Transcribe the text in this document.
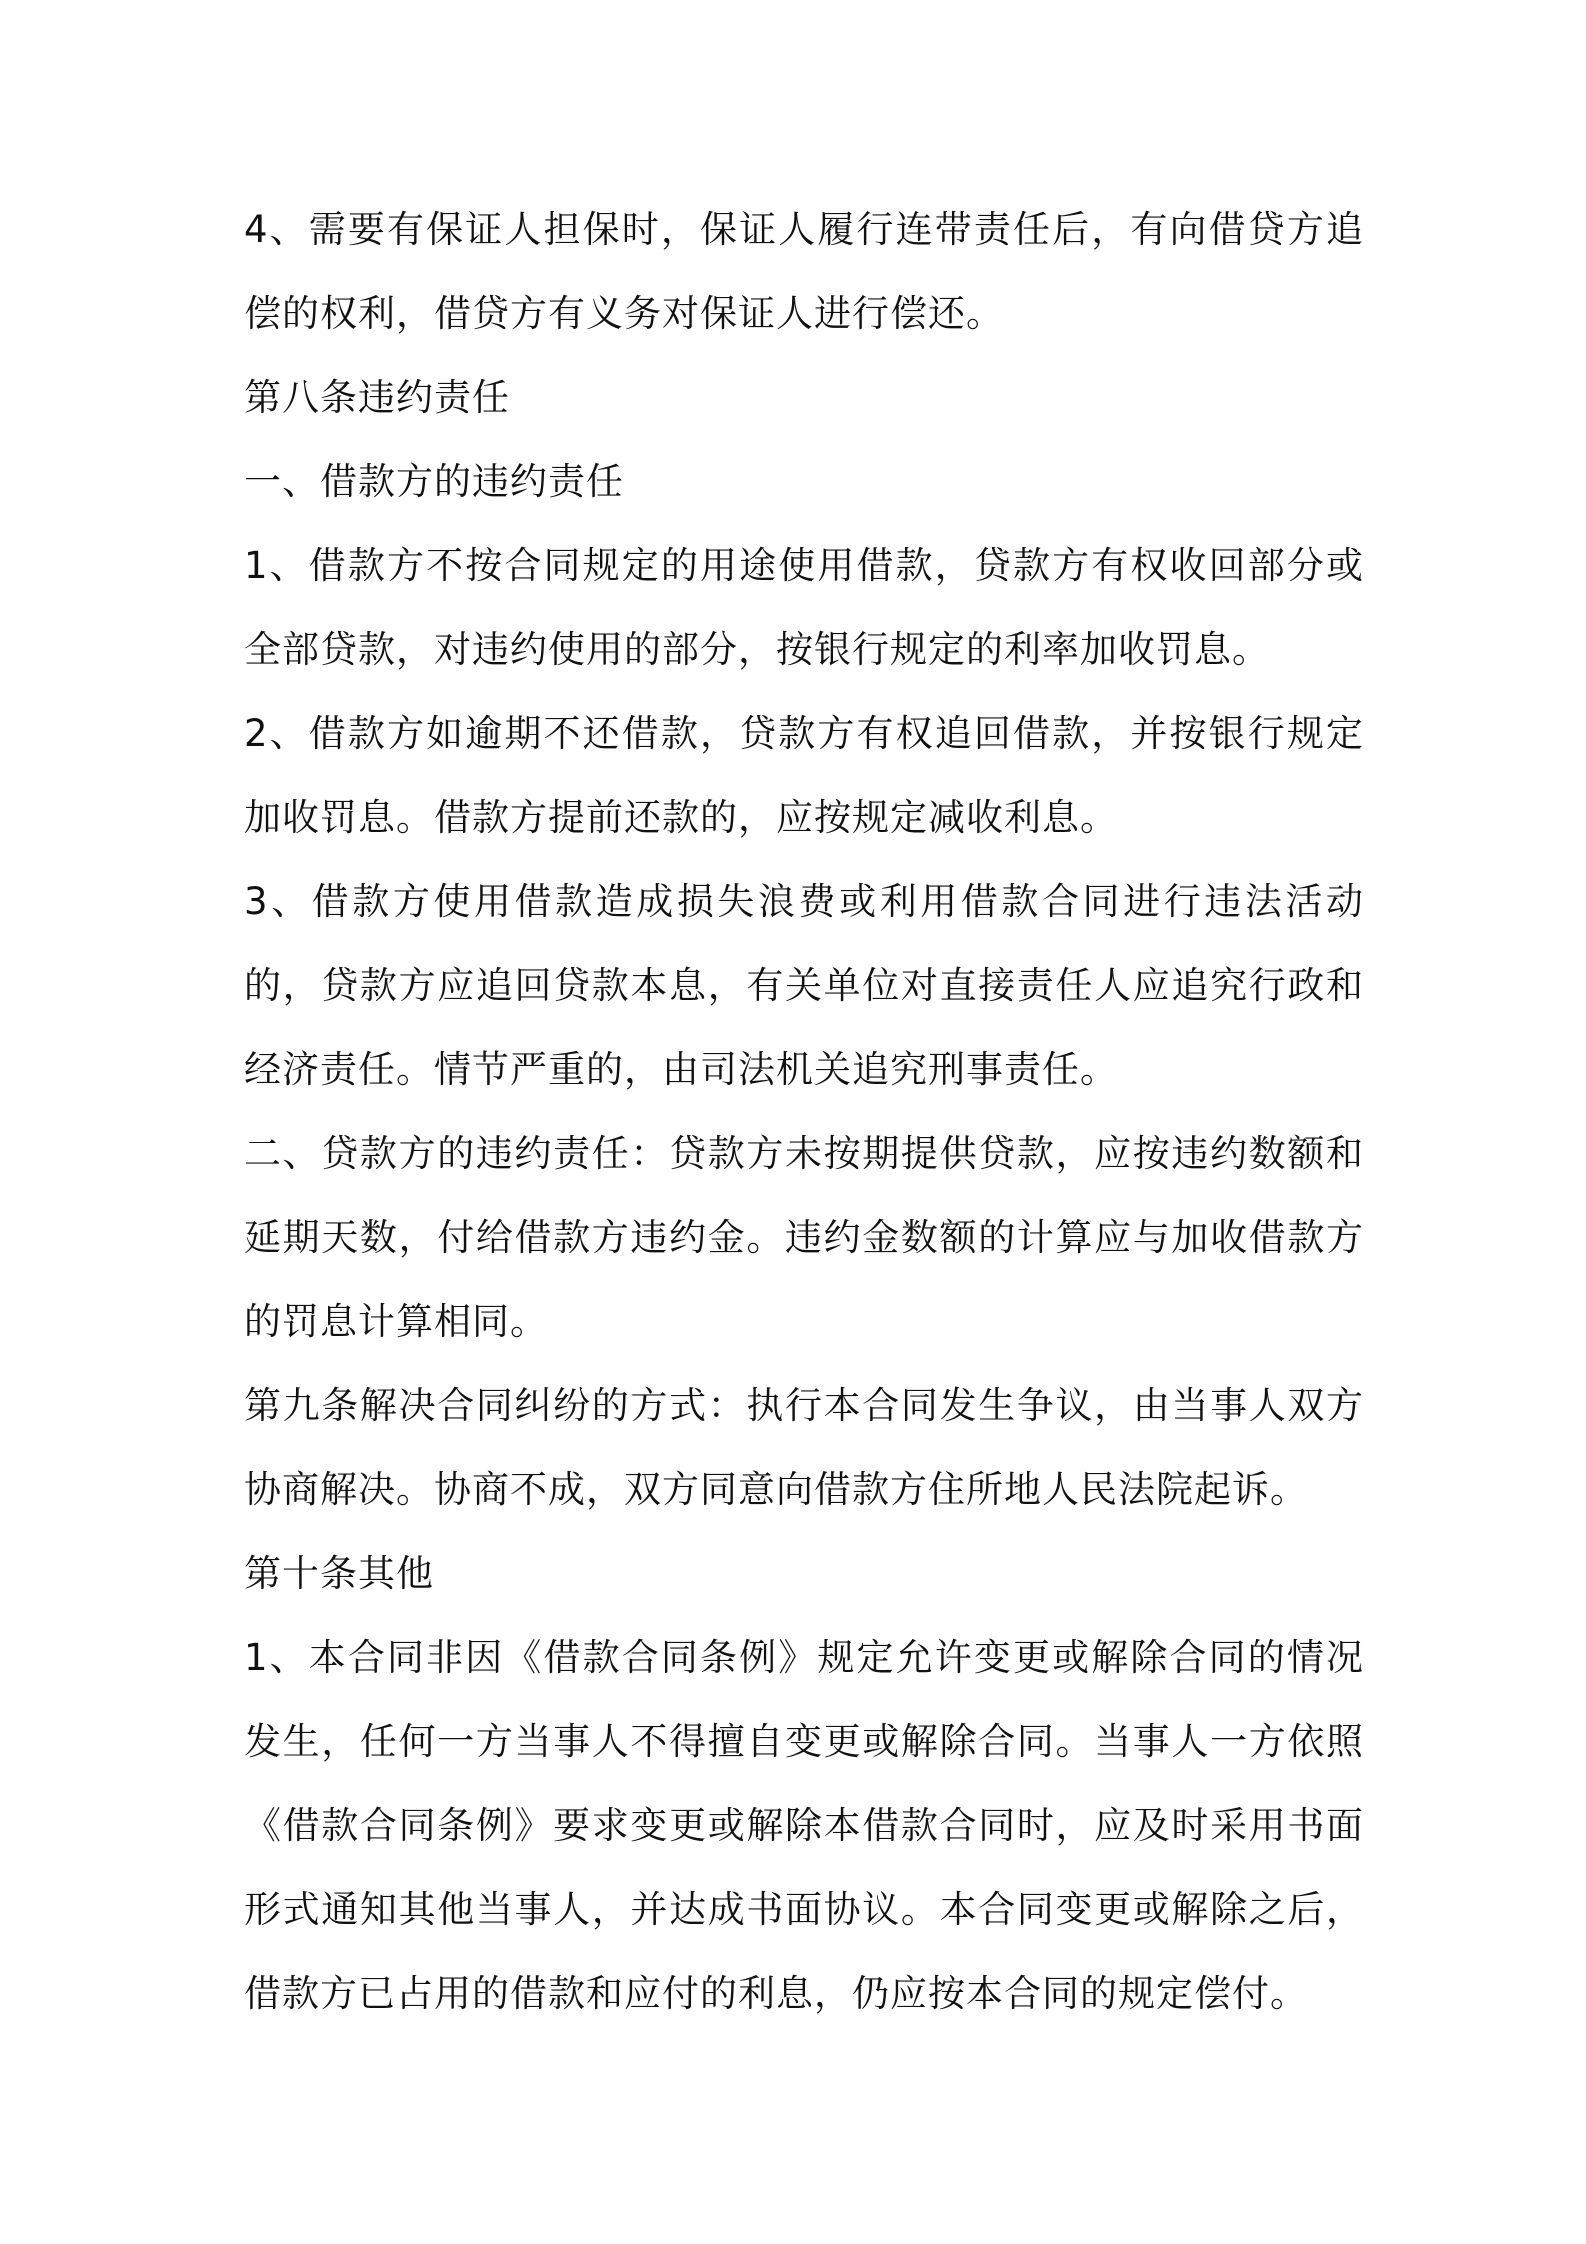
4、需要有保证人担保时，保证人履行连带责任后，有向借贷方追偿的权利，借贷方有义务对保证人进行偿还。

第八条违约责任

一、借款方的违约责任

1、借款方不按合同规定的用途使用借款，贷款方有权收回部分或全部贷款，对违约使用的部分，按银行规定的利率加收罚息。

2、借款方如逾期不还借款，贷款方有权追回借款，并按银行规定加收罚息。借款方提前还款的，应按规定减收利息。

3、借款方使用借款造成损失浪费或利用借款合同进行违法活动的，贷款方应追回贷款本息，有关单位对直接责任人应追究行政和经济责任。情节严重的，由司法机关追究刑事责任。

二、贷款方的违约责任：贷款方未按期提供贷款，应按违约数额和延期天数，付给借款方违约金。违约金数额的计算应与加收借款方的罚息计算相同。

第九条解决合同纠纷的方式：执行本合同发生争议，由当事人双方协商解决。协商不成，双方同意向借款方住所地人民法院起诉。

第十条其他

1、本合同非因《借款合同条例》规定允许变更或解除合同的情况发生，任何一方当事人不得擅自变更或解除合同。当事人一方依照《借款合同条例》要求变更或解除本借款合同时，应及时采用书面形式通知其他当事人，并达成书面协议。本合同变更或解除之后，借款方已占用的借款和应付的利息，仍应按本合同的规定偿付。
